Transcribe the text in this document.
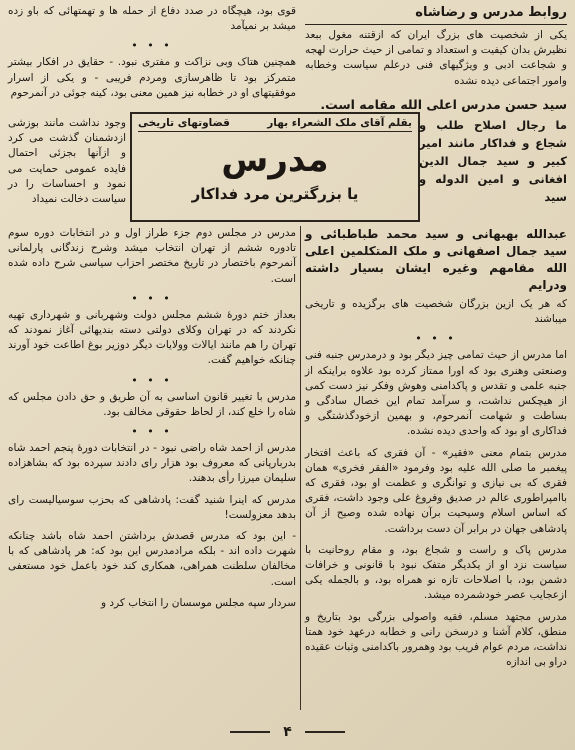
روابط مدرس و رضاشاه

یکی از شخصیت های بزرگ ایران که ازقتنه مغول ببعد نظیرش بدان کیفیت و استعداد و تمامی از حیث حرارت لهجه و شجاعت ادبی و ویژگیهای فنی درعلم سیاست وخطابه وامور اجتماعی دیده نشده

سید حسن مدرس اعلی الله مقامه است.

بقلم آقای ملک الشعراء بهار
قضاوتهای تاریخی
مدرس
یا بزرگترین مرد فداکار

ما رجال اصلاح طلب و شجاع و فداکار مانند امیر کبیر و سید جمال الدین افغانی و امین الدوله و سید

قوی بود، هیچگاه در صدد دفاع از حمله ها و تهمتهائی که باو زده میشد بر نمیآمد

• • •

همچنین هتاک وبی نزاکت و مفتری نبود. - حقایق در افکار بیشتر متمرکز بود تا ظاهرسازی ومردم فریبی - و یکی از اسرار موفقیتهای او در خطابه نیز همین معنی بود، کینه جوئی در آنمرحوم

وجود نداشت مانند بوزشی ازدشمنان گذشت می کرد و ازآنها بجزئی احتمال فایده عمومی حمایت می نمود و احساسات را در سیاست دخالت نمیداد

عبدالله بهبهانی و سید محمد طباطبائی و سید جمال اصفهانی و ملک المتکلمین اعلی الله مقامهم وغیره ایشان بسیار داشته ودرایم

که هر یک ازین بزرگان شخصیت های برگزیده و تاریخی میباشند

• • •

اما مدرس از حیث تمامی چیز دیگر بود و درمدرس جنبه فنی وصنعتی وهنری بود که اورا ممتاز کرده بود علاوه براینکه از جنبه علمی و تقدس و پاکدامنی وهوش وفکر نیز دست کمی از هیچکس نداشت، و سرآمد تمام این خصال سادگی و بساطت و شهامت آنمرحوم، و بهمین ازخودگذشتگی و فداکاری او بود که واحدی دیده نشده.

مدرس بتمام معنی «فقیر» - آن فقری که باعث افتخار پیغمبر ما صلی الله علیه بود وفرمود «الفقر فخری» همان فقری که بی نیازی و توانگری و عظمت او بود، فقری که باامپراطوری عالم در صدیق وفروغ علی وجود داشت، فقری که اساس اسلام وسیحیت برآن نهاده شده وصیح از آن پادشاهی جهان در برابر آن دست برداشت.

مدرس پاک و راست و شجاع بود، و مقام روحانیت با سیاست نزد او از یکدیگر متفک نبود با قانونی و خرافات دشمن بود، با اصلاحات تازه نو همراه بود، و بالجمله یکی ازعجایب عصر خودشمرده میشد.

مدرس مجتهد مسلم، فقیه واصولی بزرگی بود بتاریخ و منطق، کلام آشنا و درسخن رانی و خطابه درعهد خود همتا نداشت، مردم عوام فریب بود وهمرور باکدامنی وثبات عقیده دراو بی اندازه

مدرس در مجلس دوم جزء طراز اول و در انتخابات دوره سوم تادوره ششم از تهران انتخاب میشد وشرح زندگانی پارلمانی آنمرحوم باختصار در تاریخ مختصر احزاب سیاسی شرح داده شده است.

• • •

بعداز ختم دورهٔ ششم مجلس دولت وشهربانی و شهرداری تهیه نکردند که در تهران وکلای دولتی دسته بندیهائی آغاز نمودند که تهران را هم مانند ایالات وولایات دیگر دوزیر بوغ اطاعت خود آورند چنانکه خواهیم گفت.

• • •

مدرس با تغییر قانون اساسی به آن طریق و حق دادن مجلس که شاه را خلع کند، از لحاظ حقوقی مخالف بود.

• • •

مدرس از احمد شاه راضی نبود - در انتخابات دورهٔ پنجم احمد شاه بدربارپانی که معروف بود هزار رای دادند سپرده بود که بشاهزاده سلیمان میرزا رأی بدهند.

مدرس که اینرا شنید گفت: پادشاهی که بحزب سوسیالیست رای بدهد معزولست!

- این بود که مدرس قصدش برداشتن احمد شاه باشد چنانکه شهرت داده اند - بلکه مرادمدرس این بود که: هر پادشاهی که با مخالفان سلطنت همراهی، همکاری کند خود باعمل خود مستعفی است.

سردار سپه مجلس موسسان را انتخاب کرد و

۴
